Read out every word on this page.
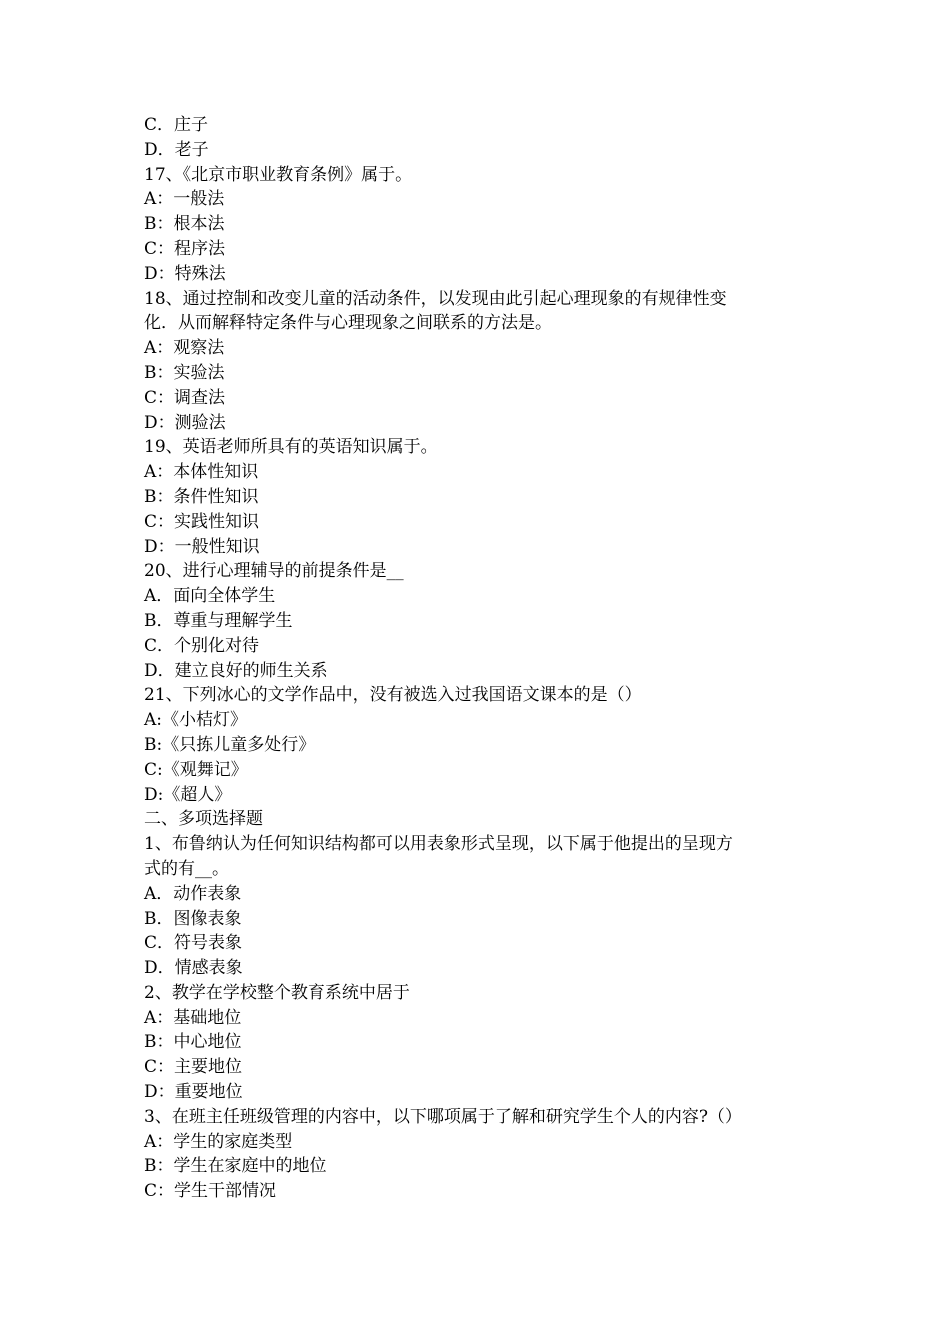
C．庄子
D．老子
17、《北京市职业教育条例》属于。
A：一般法
B：根本法
C：程序法
D：特殊法
18、通过控制和改变儿童的活动条件，以发现由此引起心理现象的有规律性变
化．从而解释特定条件与心理现象之间联系的方法是。
A：观察法
B：实验法
C：调查法
D：测验法
19、英语老师所具有的英语知识属于。
A：本体性知识
B：条件性知识
C：实践性知识
D：一般性知识
20、进行心理辅导的前提条件是__
A．面向全体学生
B．尊重与理解学生
C．个别化对待
D．建立良好的师生关系
21、下列冰心的文学作品中，没有被选入过我国语文课本的是（）
A:《小桔灯》
B:《只拣儿童多处行》
C:《观舞记》
D:《超人》
二、多项选择题
1、布鲁纳认为任何知识结构都可以用表象形式呈现，以下属于他提出的呈现方
式的有__。
A．动作表象
B．图像表象
C．符号表象
D．情感表象
2、教学在学校整个教育系统中居于
A：基础地位
B：中心地位
C：主要地位
D：重要地位
3、在班主任班级管理的内容中，以下哪项属于了解和研究学生个人的内容?（）
A：学生的家庭类型
B：学生在家庭中的地位
C：学生干部情况
